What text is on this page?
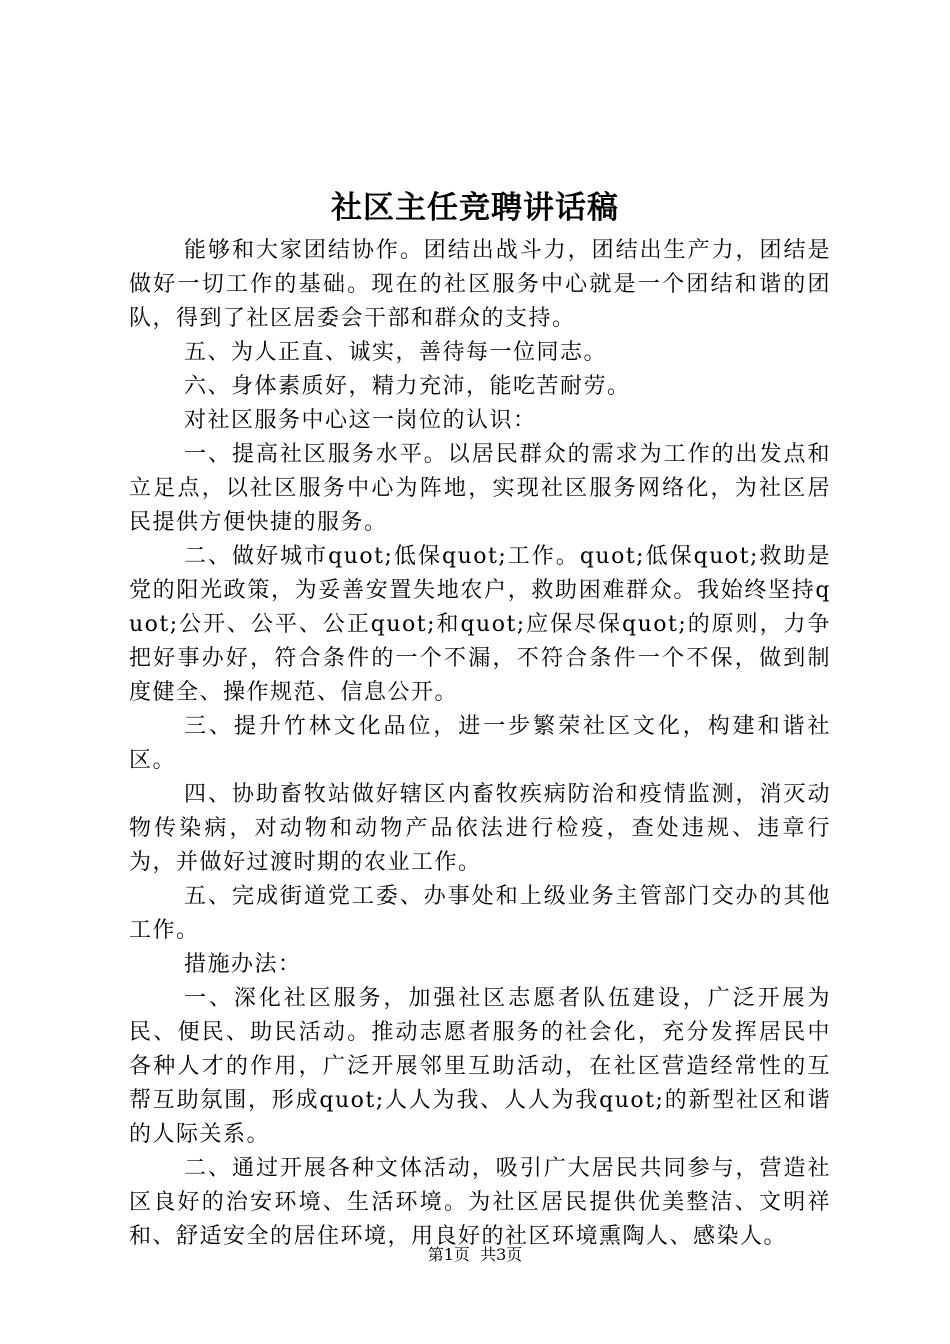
社区主任竞聘讲话稿

能够和大家团结协作。团结出战斗力，团结出生产力，团结是做好一切工作的基础。现在的社区服务中心就是一个团结和谐的团队，得到了社区居委会干部和群众的支持。

五、为人正直、诚实，善待每一位同志。

六、身体素质好，精力充沛，能吃苦耐劳。

对社区服务中心这一岗位的认识：

一、提高社区服务水平。以居民群众的需求为工作的出发点和立足点，以社区服务中心为阵地，实现社区服务网络化，为社区居民提供方便快捷的服务。

二、做好城市quot;低保quot;工作。quot;低保quot;救助是党的阳光政策，为妥善安置失地农户，救助困难群众。我始终坚持quot;公开、公平、公正quot;和quot;应保尽保quot;的原则，力争把好事办好，符合条件的一个不漏，不符合条件一个不保，做到制度健全、操作规范、信息公开。

三、提升竹林文化品位，进一步繁荣社区文化，构建和谐社区。

四、协助畜牧站做好辖区内畜牧疾病防治和疫情监测，消灭动物传染病，对动物和动物产品依法进行检疫，查处违规、违章行为，并做好过渡时期的农业工作。

五、完成街道党工委、办事处和上级业务主管部门交办的其他工作。

措施办法：

一、深化社区服务，加强社区志愿者队伍建设，广泛开展为民、便民、助民活动。推动志愿者服务的社会化，充分发挥居民中各种人才的作用，广泛开展邻里互助活动，在社区营造经常性的互帮互助氛围，形成quot;人人为我、人人为我quot;的新型社区和谐的人际关系。

二、通过开展各种文体活动，吸引广大居民共同参与，营造社区良好的治安环境、生活环境。为社区居民提供优美整洁、文明祥和、舒适安全的居住环境，用良好的社区环境熏陶人、感染人。

第1页 共3页
